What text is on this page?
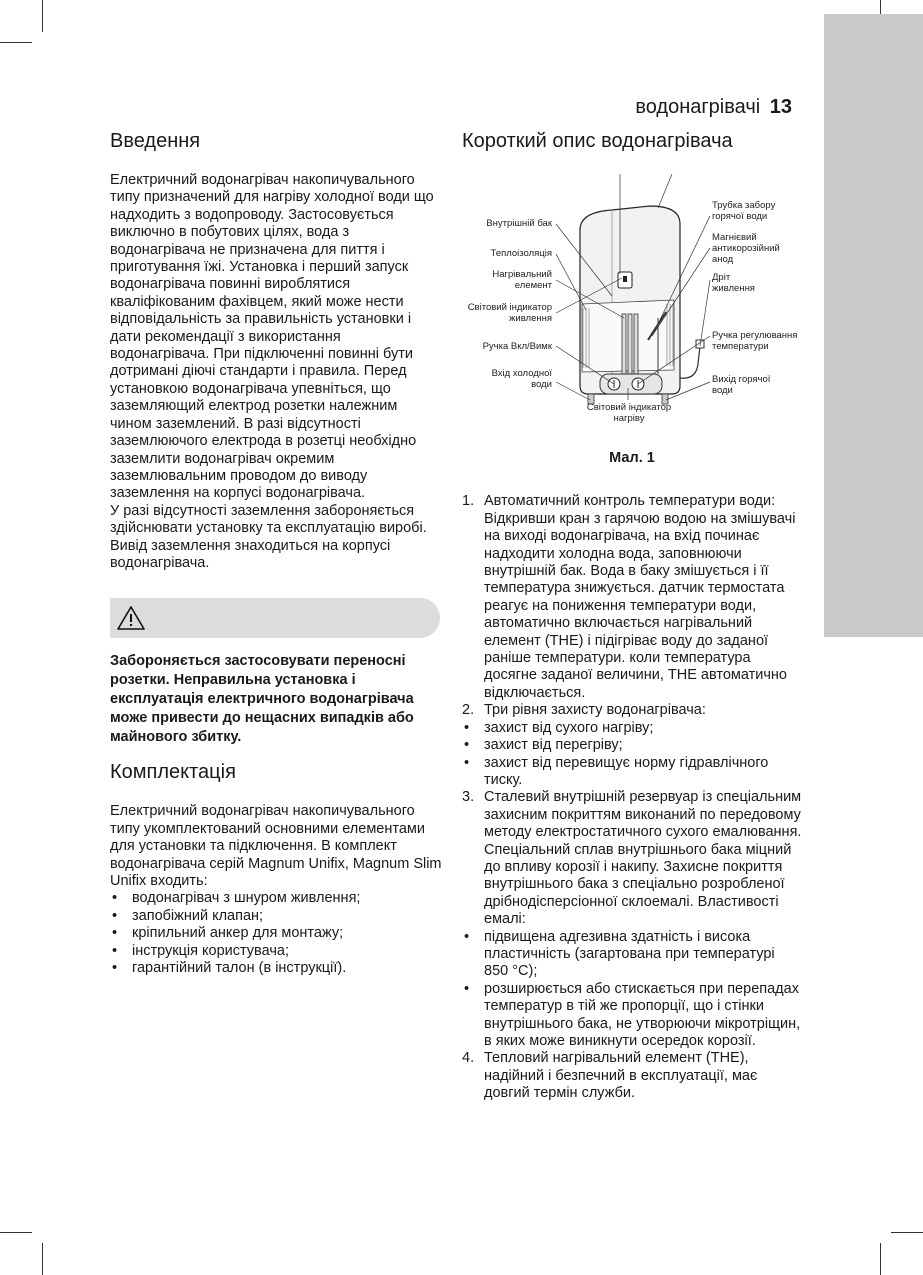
водонагрівачі 13
Введення

Електричний водонагрівач накопичувального типу призначений для нагріву холодної води що надходить з водопроводу. Застосовується виключно в побутових цілях, вода з водонагрівача не призначена для пиття і приготування їжі. Установка і перший запуск водонагрівача повинні вироблятися кваліфікованим фахівцем, який може нести відповідальність за правильність установки і дати рекомендації з використання водонагрівача. При підключенні повинні бути дотримані діючі стандарти і правила. Перед установкою водонагрівача упевніться, що заземляющий електрод розетки належним чином заземлений. В разі відсутності заземлюючого електрода в розетці необхідно заземлити водонагрівач окремим заземлювальним проводом до виводу заземлення на корпусі водонагрівача.

У разі відсутності заземлення забороняється здійснювати установку та експлуатацію виробі. Вивід заземлення знаходиться на корпусі водонагрівача.

Забороняється застосовувати переносні розетки. Неправильна установка і експлуатація електричного водонагрівача може привести до нещасних випадків або майнового збитку.

Комплектація

Електричний водонагрівач накопичувального типу укомплектований основними елементами для установки та підключення. В комплект водонагрівача серій Magnum Unifix, Magnum Slim Unifix входить:

• водонагрівач з шнуром живлення;
• запобіжний клапан;
• кріпильний анкер для монтажу;
• інструкція користувача;
• гарантійний талон (в інструкції).
Короткий опис водонагрівача
Внутрішній бак
Теплоізоляція
Нагрівальний елемент
Світовий індикатор живлення
Ручка Вкл/Вимк
Вхід холодної води
Світовий індикатор нагріву
Вихід горячої води
Ручка регулювання температури
Дріт живлення
Магнієвий антикорозійний анод
Трубка забору горячої води
Мал. 1
1. Автоматичний контроль температури води: Відкривши кран з гарячою водою на змішувачі на виході водонагрівача, на вхід починає надходити холодна вода, заповнюючи внутрішній бак. Вода в баку змішується і її температура знижується. датчик термостата реагує на пониження температури води, автоматично включається нагрівальний елемент (ТНЕ) і підігріває воду до заданої раніше температури. коли температура досягне заданої величини, ТНЕ автоматично відключається.
2. Три рівня захисту водонагрівача:
• захист від сухого нагріву;
• захист від перегріву;
• захист від перевищує норму гідравлічного тиску.
3. Сталевий внутрішній резервуар із спеціальним захисним покриттям виконаний по передовому методу електростатичного сухого емалювання. Спеціальний сплав внутрішнього бака міцний до впливу корозії і накипу. Захисне покриття внутрішнього бака з спеціально розробленої дрібнодісперсіонної склоемалі. Властивості емалі:
• підвищена адгезивна здатність і висока пластичність (загартована при температурі 850 °C);
• розширюється або стискається при перепадах температур в тій же пропорції, що і стінки внутрішнього бака, не утворюючи мікротріщин, в яких може виникнути осередок корозії.
4. Тепловий нагрівальний елемент (ТНЕ), надійний і безпечний в експлуатації, має довгий термін служби.
